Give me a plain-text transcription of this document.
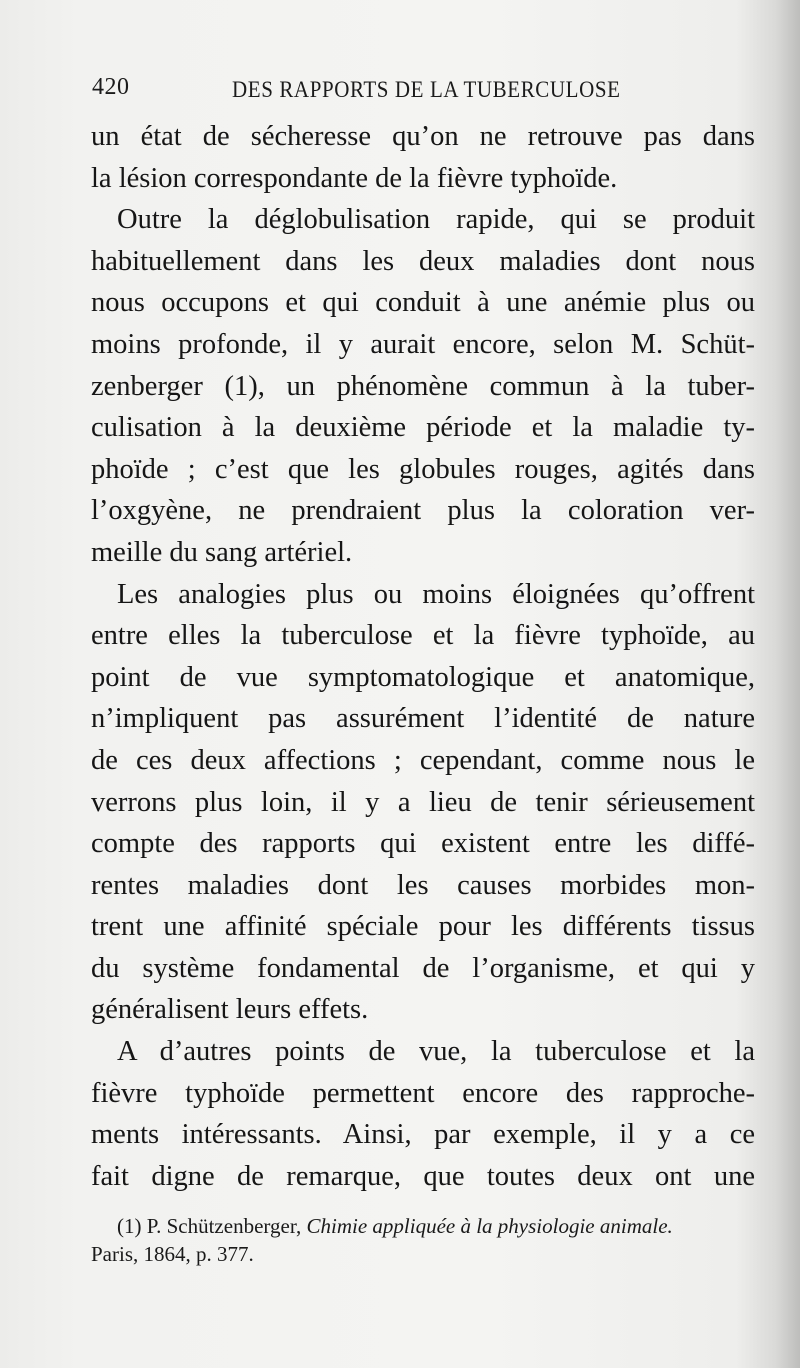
420	DES RAPPORTS DE LA TUBERCULOSE
un état de sécheresse qu’on ne retrouve pas dans
la lésion correspondante de la fièvre typhoïde.
Outre la déglobulisation rapide, qui se produit
habituellement dans les deux maladies dont nous
nous occupons et qui conduit à une anémie plus ou
moins profonde, il y aurait encore, selon M. Schüt-
zenberger (1), un phénomène commun à la tuber-
culisation à la deuxième période et la maladie ty-
phoïde ; c’est que les globules rouges, agités dans
l’oxgyène, ne prendraient plus la coloration ver-
meille du sang artériel.
Les analogies plus ou moins éloignées qu’offrent
entre elles la tuberculose et la fièvre typhoïde, au
point de vue symptomatologique et anatomique,
n’impliquent pas assurément l’identité de nature
de ces deux affections ; cependant, comme nous le
verrons plus loin, il y a lieu de tenir sérieusement
compte des rapports qui existent entre les diffé-
rentes maladies dont les causes morbides mon-
trent une affinité spéciale pour les différents tissus
du système fondamental de l’organisme, et qui y
généralisent leurs effets.
A d’autres points de vue, la tuberculose et la
fièvre typhoïde permettent encore des rapproche-
ments intéressants. Ainsi, par exemple, il y a ce
fait digne de remarque, que toutes deux ont une
(1) P. Schützenberger, Chimie appliquée à la physiologie animale.
Paris, 1864, p. 377.
